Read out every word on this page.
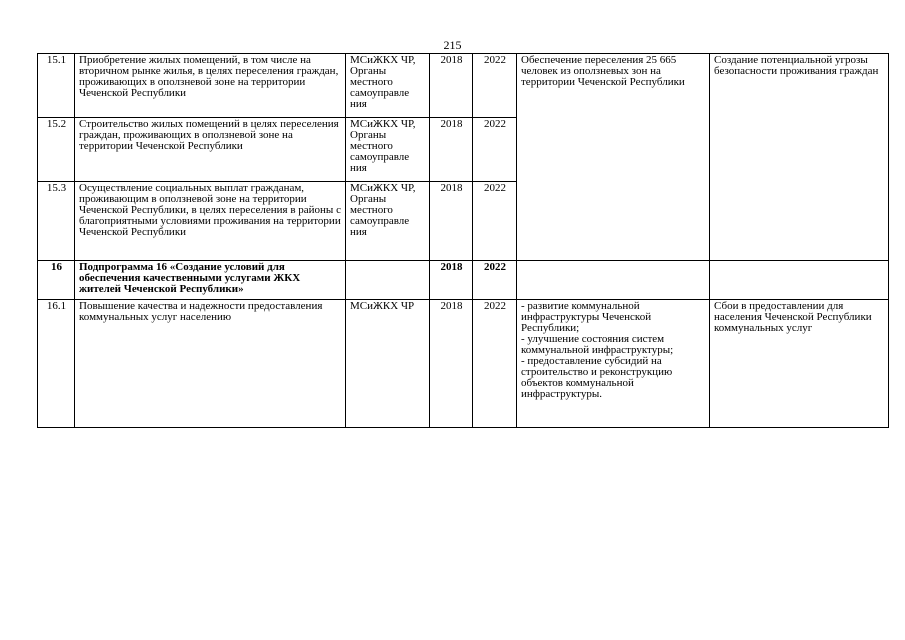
215
15.1	Приобретение жилых помещений, в том числе на вторичном рынке жилья, в целях переселения граждан, проживающих в оползневой зоне на территории Чеченской Республики	МСиЖКХ ЧР, Органы местного самоуправле ния	2018	2022	Обеспечение переселения 25 665 человек из оползневых зон на территории Чеченской Республики	Создание потенциальной угрозы безопасности проживания граждан
15.2	Строительство жилых помещений в целях переселения граждан, проживающих в оползневой зоне на территории Чеченской Республики	МСиЖКХ ЧР, Органы местного самоуправле ния	2018	2022		
15.3	Осуществление социальных выплат гражданам, проживающим в оползневой зоне на территории Чеченской Республики, в целях переселения в районы с благоприятными условиями проживания на территории Чеченской Республики	МСиЖКХ ЧР, Органы местного самоуправле ния	2018	2022		
16	Подпрограмма 16 «Создание условий для обеспечения качественными услугами ЖКХ жителей Чеченской Республики»		2018	2022		
16.1	Повышение качества и надежности предоставления коммунальных услуг населению	МСиЖКХ ЧР	2018	2022	- развитие коммунальной инфраструктуры Чеченской Республики;
- улучшение состояния систем коммунальной инфраструктуры;
- предоставление субсидий на строительство и реконструкцию объектов коммунальной инфраструктуры.	Сбои в предоставлении для населения Чеченской Республики коммунальных услуг
